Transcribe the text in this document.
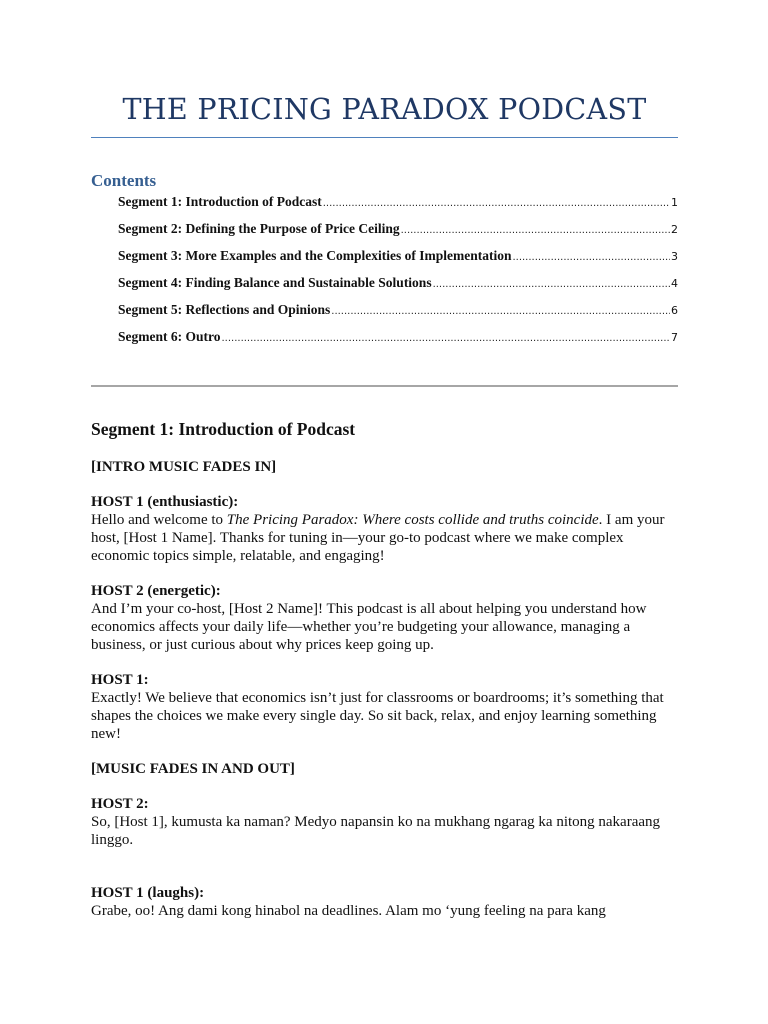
THE PRICING PARADOX PODCAST
Contents
Segment 1: Introduction of Podcast .....	1
Segment 2: Defining the Purpose of Price Ceiling .....	2
Segment 3: More Examples and the Complexities of Implementation .....	3
Segment 4: Finding Balance and Sustainable Solutions .....	4
Segment 5: Reflections and Opinions .....	6
Segment 6: Outro .....	7
Segment 1: Introduction of Podcast

[INTRO MUSIC FADES IN]

HOST 1 (enthusiastic):
Hello and welcome to The Pricing Paradox: Where costs collide and truths coincide. I am your
host, [Host 1 Name]. Thanks for tuning in—your go-to podcast where we make complex
economic topics simple, relatable, and engaging!

HOST 2 (energetic):
And I’m your co-host, [Host 2 Name]! This podcast is all about helping you understand how
economics affects your daily life—whether you’re budgeting your allowance, managing a
business, or just curious about why prices keep going up.

HOST 1:
Exactly! We believe that economics isn’t just for classrooms or boardrooms; it’s something that
shapes the choices we make every single day. So sit back, relax, and enjoy learning something
new!

[MUSIC FADES IN AND OUT]

HOST 2:
So, [Host 1], kumusta ka naman? Medyo napansin ko na mukhang ngarag ka nitong nakaraang
linggo.

HOST 1 (laughs):
Grabe, oo! Ang dami kong hinabol na deadlines. Alam mo ‘yung feeling na para kang
